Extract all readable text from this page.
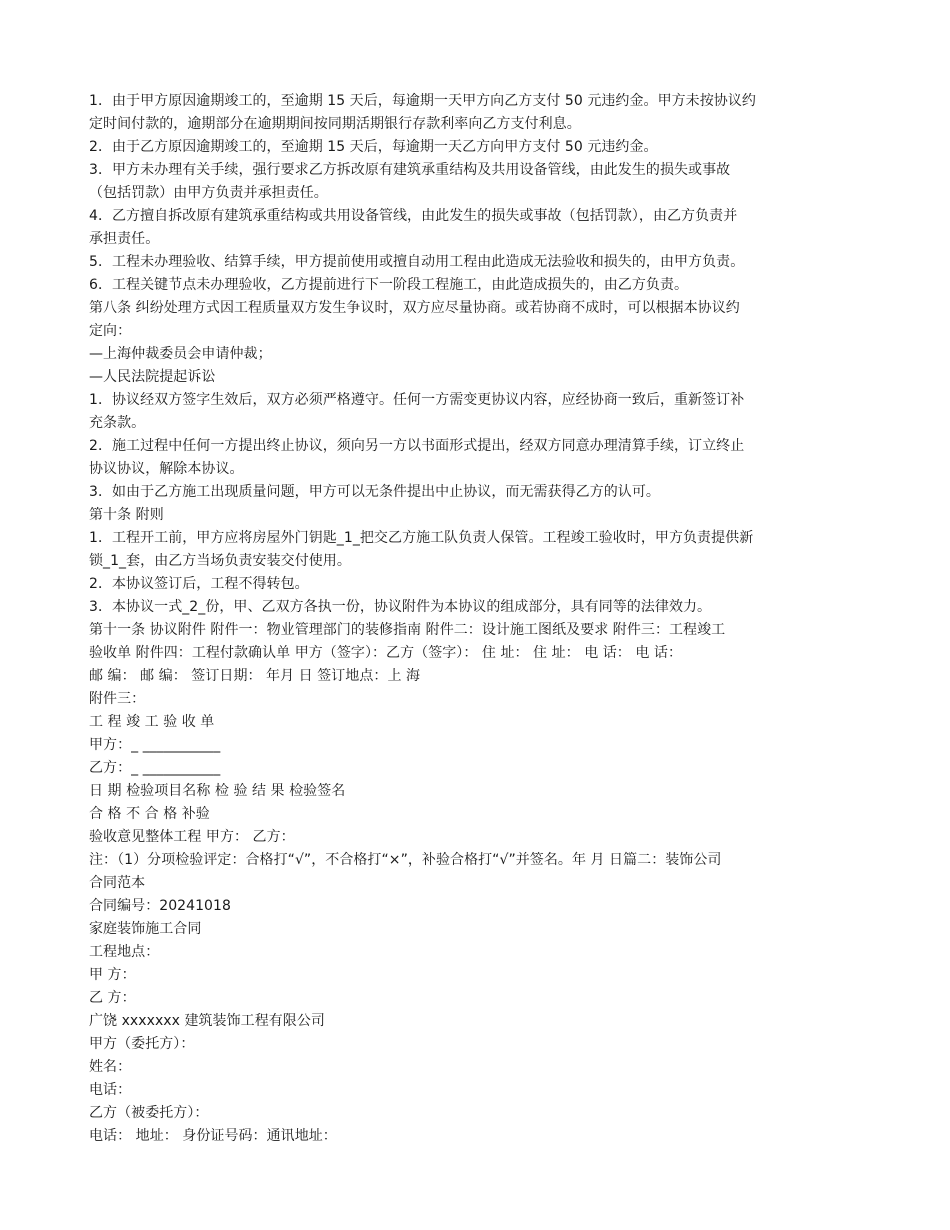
1．由于甲方原因逾期竣工的，至逾期 15 天后，每逾期一天甲方向乙方支付 50 元违约金。甲方未按协议约
定时间付款的，逾期部分在逾期期间按同期活期银行存款利率向乙方支付利息。
2．由于乙方原因逾期竣工的，至逾期 15 天后，每逾期一天乙方向甲方支付 50 元违约金。
3．甲方未办理有关手续，强行要求乙方拆改原有建筑承重结构及共用设备管线，由此发生的损失或事故
（包括罚款）由甲方负责并承担责任。
4．乙方擅自拆改原有建筑承重结构或共用设备管线，由此发生的损失或事故（包括罚款），由乙方负责并
承担责任。
5．工程未办理验收、结算手续，甲方提前使用或擅自动用工程由此造成无法验收和损失的，由甲方负责。
6．工程关键节点未办理验收，乙方提前进行下一阶段工程施工，由此造成损失的，由乙方负责。
第八条 纠纷处理方式因工程质量双方发生争议时，双方应尽量协商。或若协商不成时，可以根据本协议约
定向：
—上海仲裁委员会申请仲裁；
—人民法院提起诉讼
1．协议经双方签字生效后，双方必须严格遵守。任何一方需变更协议内容，应经协商一致后，重新签订补
充条款。
2．施工过程中任何一方提出终止协议，须向另一方以书面形式提出，经双方同意办理清算手续，订立终止
协议协议，解除本协议。
3．如由于乙方施工出现质量问题，甲方可以无条件提出中止协议，而无需获得乙方的认可。
第十条 附则
1．工程开工前，甲方应将房屋外门钥匙_1_把交乙方施工队负责人保管。工程竣工验收时，甲方负责提供新
锁_1_套，由乙方当场负责安装交付使用。
2．本协议签订后，工程不得转包。
3．本协议一式_2_份，甲、乙双方各执一份，协议附件为本协议的组成部分，具有同等的法律效力。
第十一条 协议附件 附件一：物业管理部门的装修指南 附件二：设计施工图纸及要求 附件三：工程竣工
验收单 附件四：工程付款确认单 甲方（签字）：乙方（签字）： 住 址： 住 址： 电 话： 电 话：
邮 编： 邮 编： 签订日期： 年月 日 签订地点：上 海
附件三：
工 程 竣 工 验 收 单
甲方：_ ___________
乙方：_ ___________
日 期 检验项目名称 检 验 结 果 检验签名
合 格 不 合 格 补验
验收意见整体工程 甲方： 乙方：
注：（1）分项检验评定：合格打“√”，不合格打“×”，补验合格打“√”并签名。年 月 日篇二：装饰公司
合同范本
合同编号：20241018
家庭装饰施工合同
工程地点：
甲 方：
乙 方：
广饶 xxxxxxx 建筑装饰工程有限公司
甲方（委托方）：
姓名：
电话：
乙方（被委托方）：
电话： 地址： 身份证号码：通讯地址：
